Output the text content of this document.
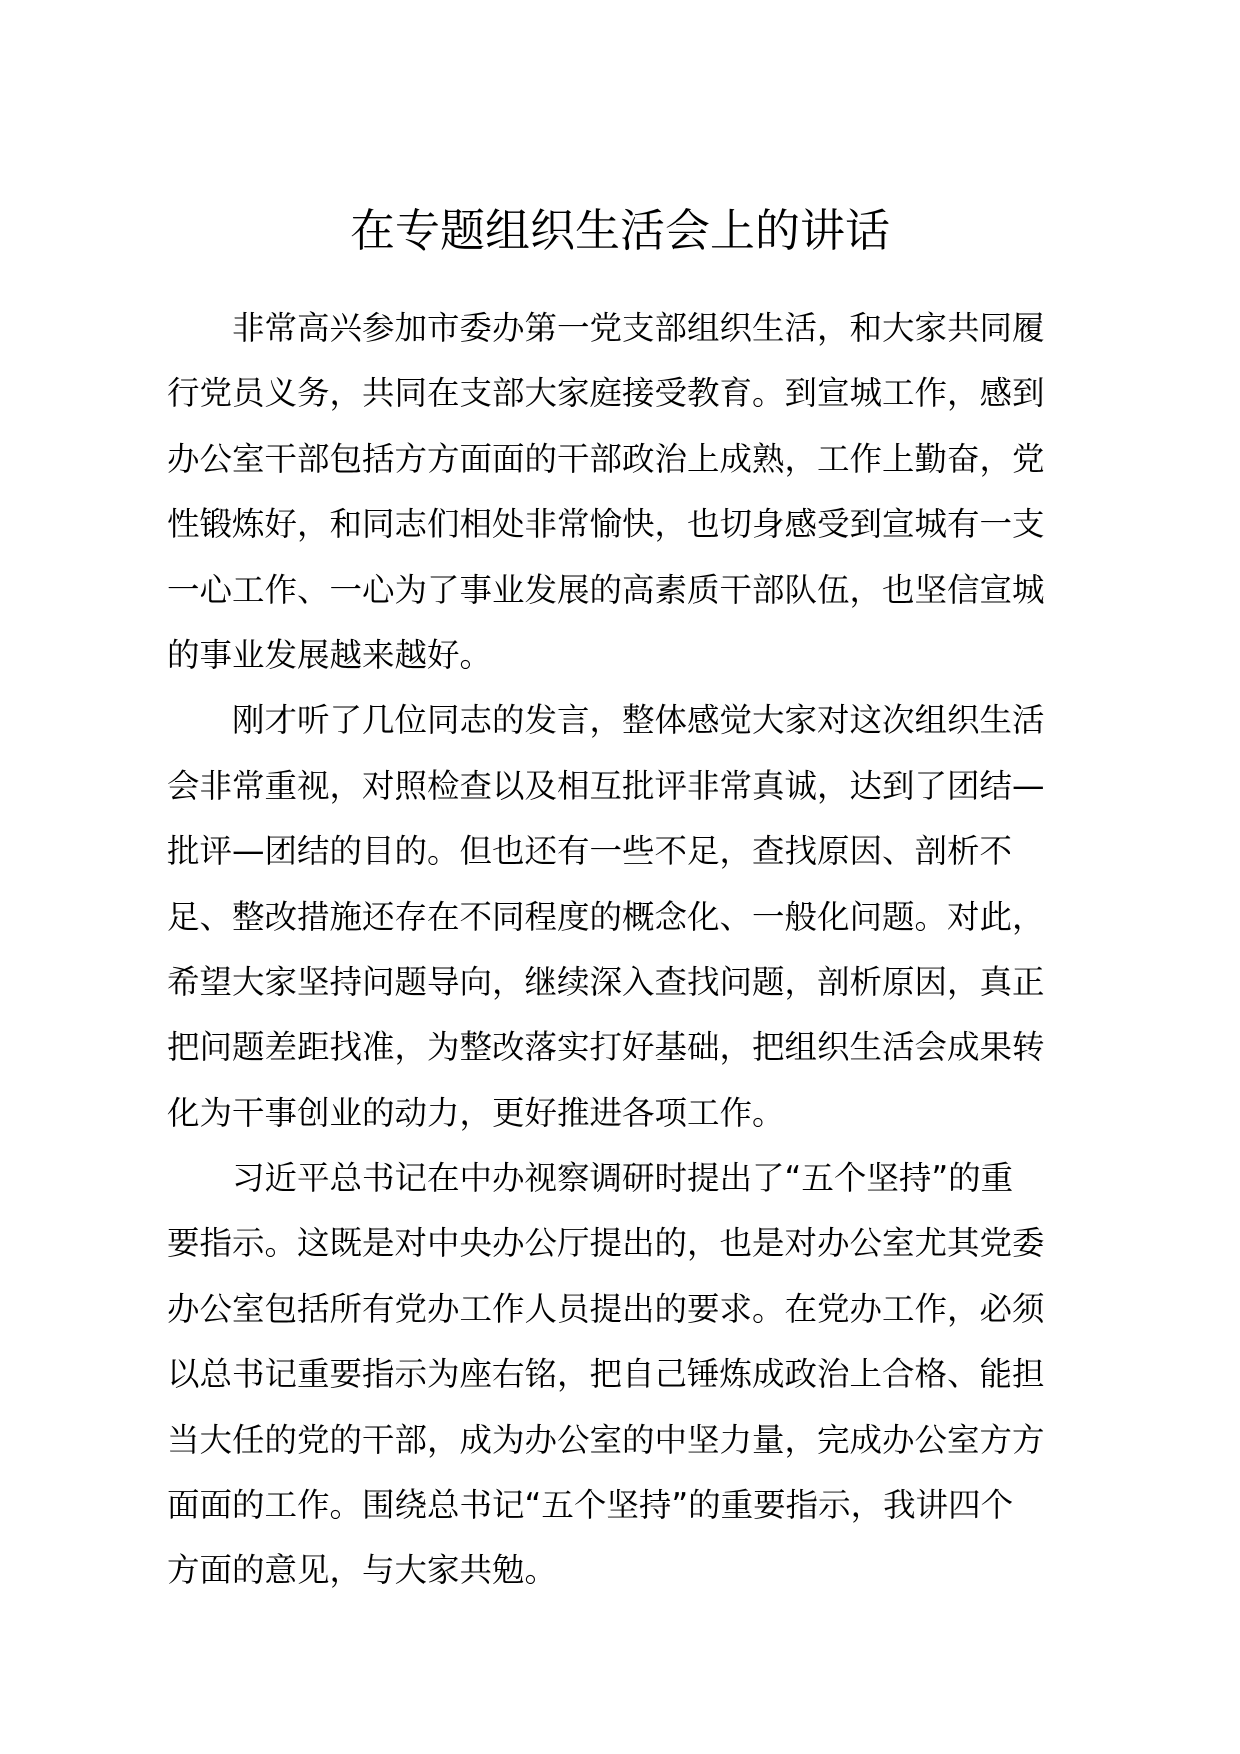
在专题组织生活会上的讲话
非常高兴参加市委办第一党支部组织生活，和大家共同履
行党员义务，共同在支部大家庭接受教育。到宣城工作，感到
办公室干部包括方方面面的干部政治上成熟，工作上勤奋，党
性锻炼好，和同志们相处非常愉快，也切身感受到宣城有一支
一心工作、一心为了事业发展的高素质干部队伍，也坚信宣城
的事业发展越来越好。
刚才听了几位同志的发言，整体感觉大家对这次组织生活
会非常重视，对照检查以及相互批评非常真诚，达到了团结—
批评—团结的目的。但也还有一些不足，查找原因、剖析不
足、整改措施还存在不同程度的概念化、一般化问题。对此，
希望大家坚持问题导向，继续深入查找问题，剖析原因，真正
把问题差距找准，为整改落实打好基础，把组织生活会成果转
化为干事创业的动力，更好推进各项工作。
习近平总书记在中办视察调研时提出了“五个坚持”的重
要指示。这既是对中央办公厅提出的，也是对办公室尤其党委
办公室包括所有党办工作人员提出的要求。在党办工作，必须
以总书记重要指示为座右铭，把自己锤炼成政治上合格、能担
当大任的党的干部，成为办公室的中坚力量，完成办公室方方
面面的工作。围绕总书记“五个坚持”的重要指示，我讲四个
方面的意见，与大家共勉。
